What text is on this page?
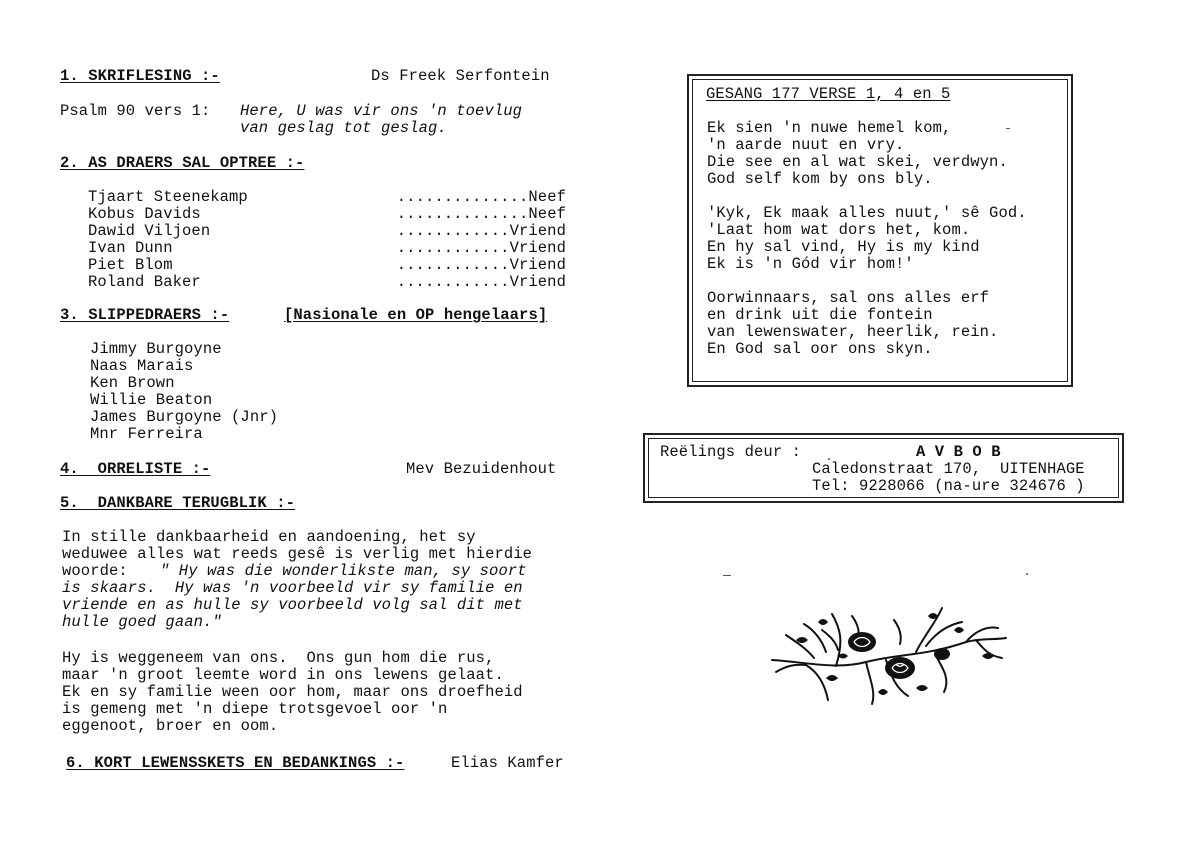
1. SKRIFLESING :-	Ds Freek Serfontein
Psalm 90 vers 1: Here, U was vir ons 'n toevlug
van geslag tot geslag.
2. AS DRAERS SAL OPTREE :-
Tjaart Steenekamp	.............. Neef
Kobus Davids	.............. Neef
Dawid Viljoen	............ Vriend
Ivan Dunn	............ Vriend
Piet Blom	............ Vriend
Roland Baker	............ Vriend
3. SLIPPEDRAERS :-	[Nasionale en OP hengelaars]
Jimmy Burgoyne
Naas Marais
Ken Brown
Willie Beaton
James Burgoyne (Jnr)
Mnr Ferreira
4.  ORRELISTE :-	Mev Bezuidenhout
5.  DANKBARE TERUGBLIK :-
In stille dankbaarheid en aandoening, het sy
weduwee alles wat reeds gesê is verlig met hierdie
woorde: " Hy was die wonderlikste man, sy soort
is skaars.  Hy was 'n voorbeeld vir sy familie en
vriende en as hulle sy voorbeeld volg sal dit met
hulle goed gaan."
Hy is weggeneem van ons.  Ons gun hom die rus,
maar 'n groot leemte word in ons lewens gelaat.
Ek en sy familie ween oor hom, maar ons droefheid
is gemeng met 'n diepe trotsgevoel oor 'n
eggenoot, broer en oom.
6. KORT LEWENSSKETS EN BEDANKINGS :-	Elias Kamfer
GESANG 177 VERSE 1, 4 en 5
Ek sien 'n nuwe hemel kom,
'n aarde nuut en vry.
Die see en al wat skei, verdwyn.
God self kom by ons bly.
'Kyk, Ek maak alles nuut,' sê God.
'Laat hom wat dors het, kom.
En hy sal vind, Hy is my kind
Ek is 'n Gód vir hom!'
Oorwinnaars, sal ons alles erf
en drink uit die fontein
van lewenswater, heerlik, rein.
En God sal oor ons skyn.
Reëlings deur :	A V B O B
Caledonstraat 170,  UITENHAGE
Tel: 9228066 (na-ure 324676 )
